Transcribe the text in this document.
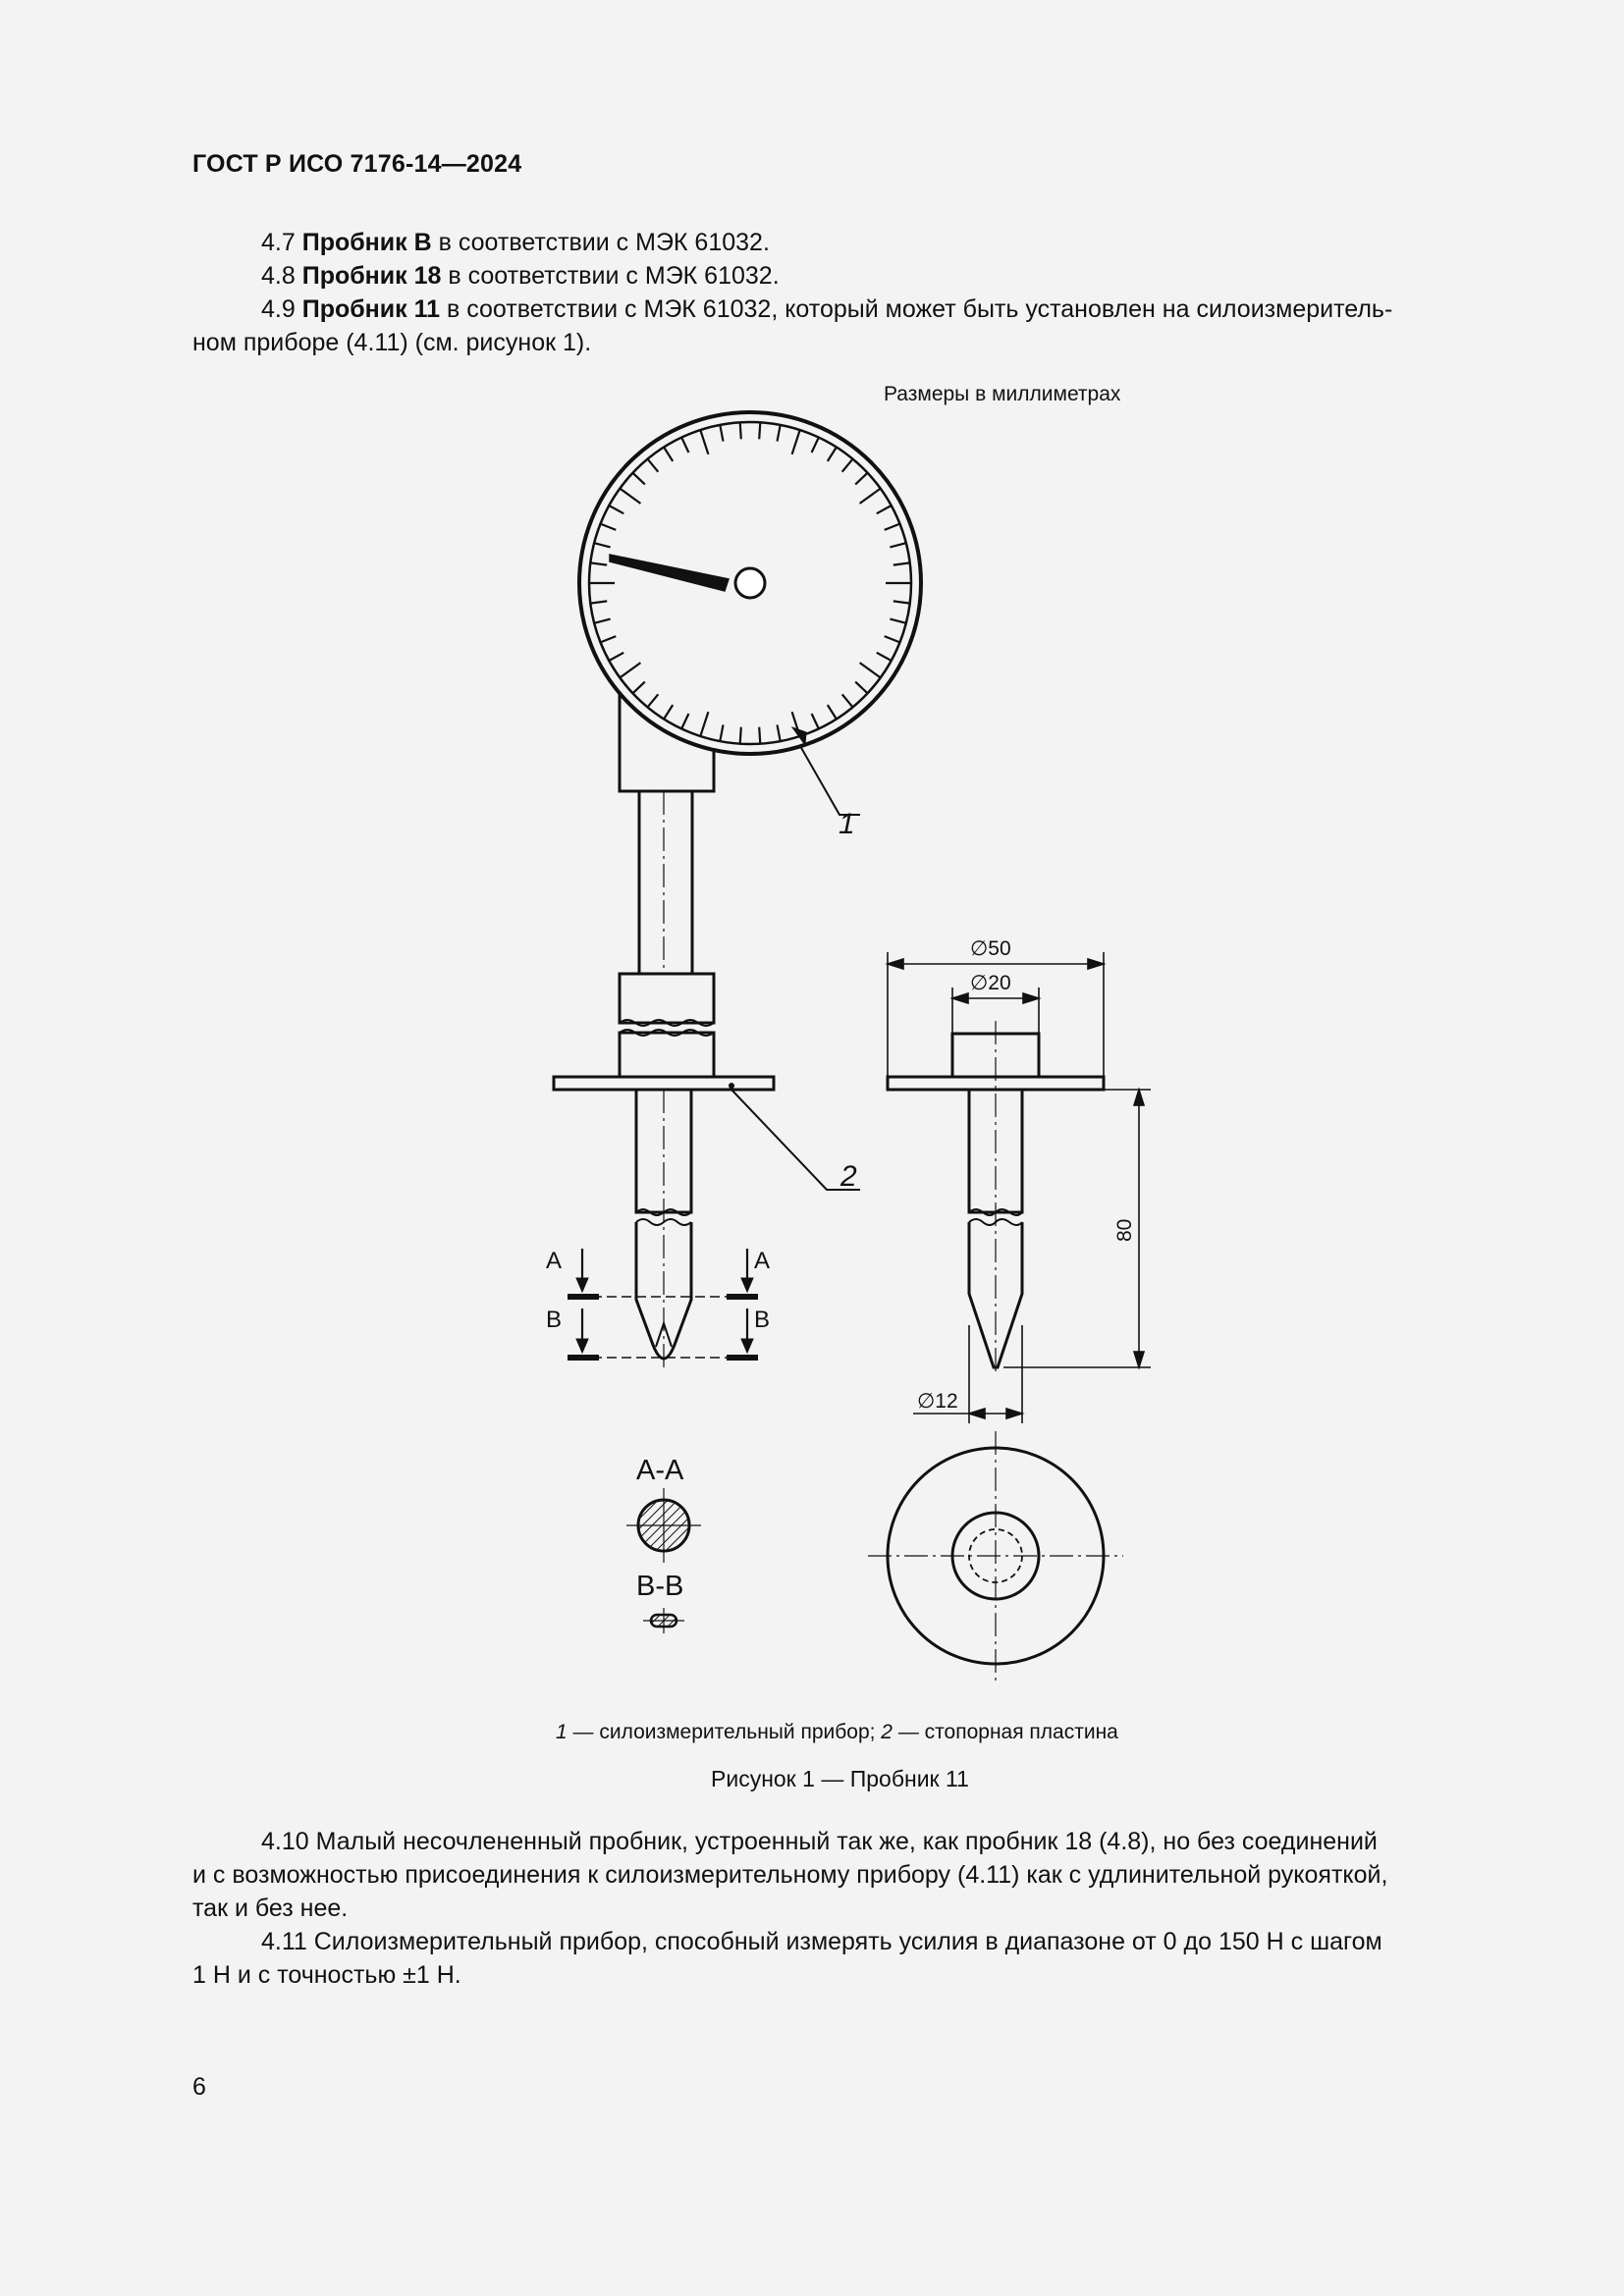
ГОСТ Р ИСО 7176-14—2024
4.7 Пробник B в соответствии с МЭК 61032.
4.8 Пробник 18 в соответствии с МЭК 61032.
4.9 Пробник 11 в соответствии с МЭК 61032, который может быть установлен на силоизмеритель-
ном приборе (4.11) (см. рисунок 1).
Размеры в миллиметрах
A
B
A
B
A-A
B-B
1
2
∅50
∅20
∅12
80
1 — силоизмерительный прибор; 2 — стопорная пластина
Рисунок 1 — Пробник 11
4.10 Малый несочлененный пробник, устроенный так же, как пробник 18 (4.8), но без соединений
и с возможностью присоединения к силоизмерительному прибору (4.11) как с удлинительной рукояткой,
так и без нее.
4.11 Силоизмерительный прибор, способный измерять усилия в диапазоне от 0 до 150 Н с шагом
1 Н и с точностью ±1 Н.
6
